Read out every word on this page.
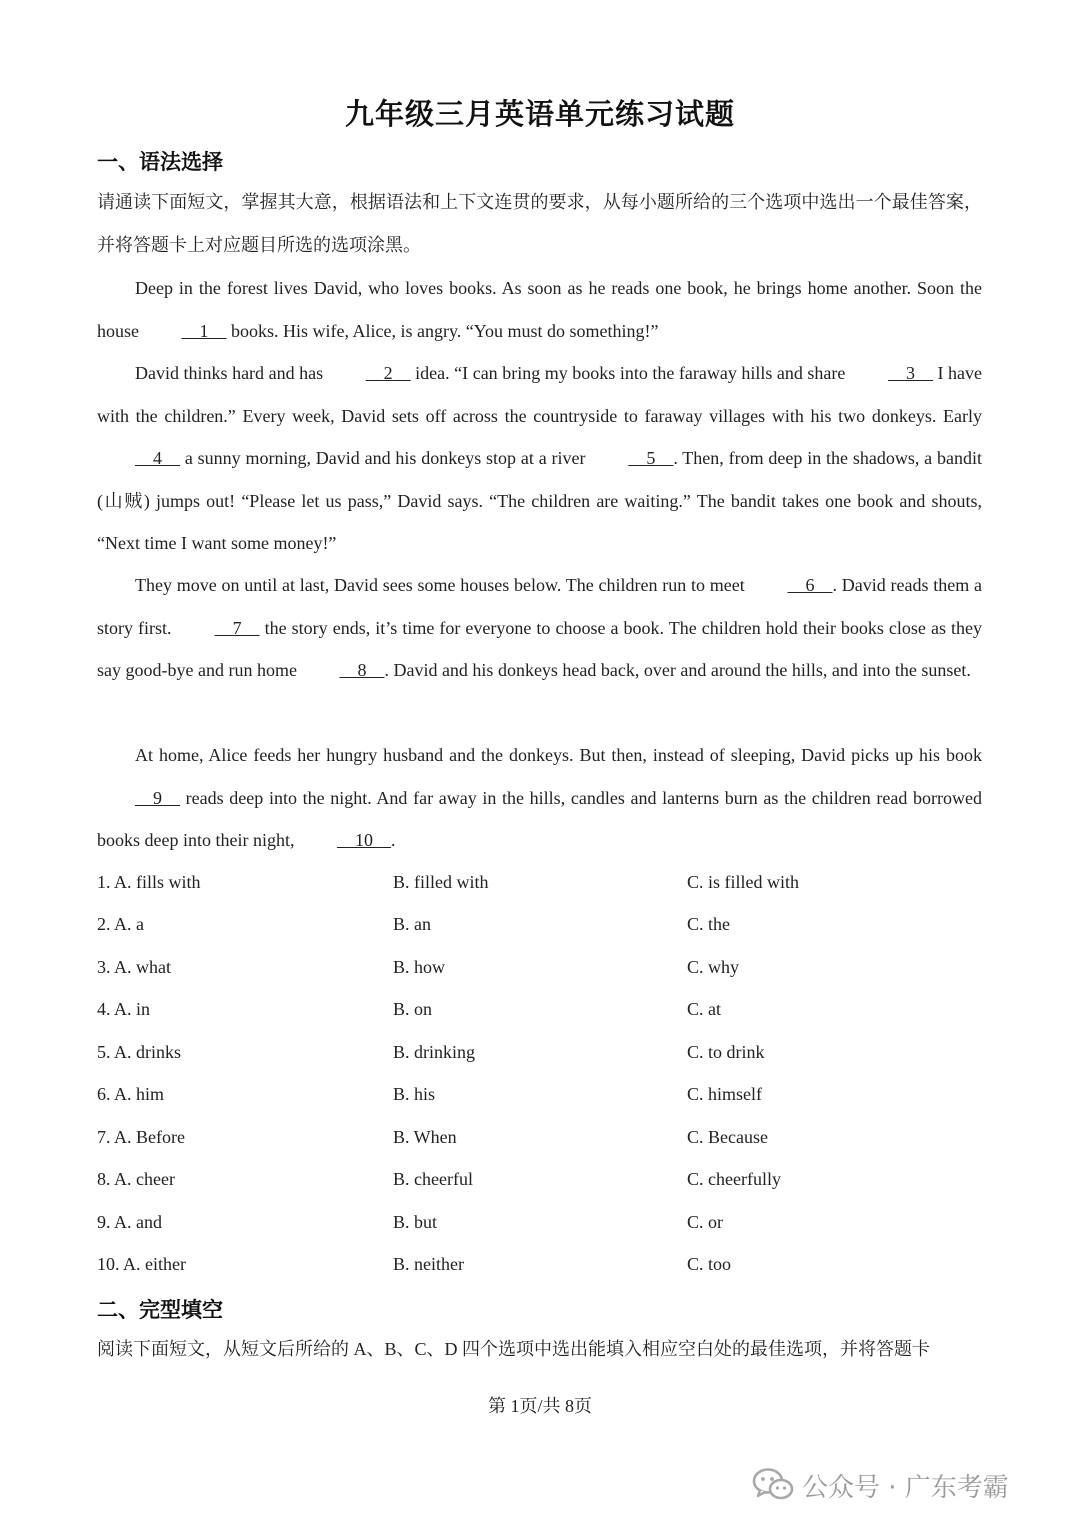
九年级三月英语单元练习试题
一、语法选择

请通读下面短文，掌握其大意，根据语法和上下文连贯的要求，从每小题所给的三个选项中选出一个最佳答案，并将答题卡上对应题目所选的选项涂黑。

Deep in the forest lives David, who loves books. As soon as he reads one book, he brings home another. Soon the house	1     books. His wife, Alice, is angry. “You must do something!”

David thinks hard and has	2     idea. “I can bring my books into the faraway hills and share	3     I have with the children.” Every week, David sets off across the countryside to faraway villages with his two donkeys. Early     4     a sunny morning, David and his donkeys stop at a river	5 . Then, from deep in the shadows, a bandit (山贼) jumps out! “Please let us pass,” David says. “The children are waiting.” The bandit takes one book and shouts, “Next time I want some money!”

They move on until at last, David sees some houses below. The children run to meet	6 . David reads them a story first.	7     the story ends, it’s time for everyone to choose a book. The children hold their books close as they say good-bye and run home	8 . David and his donkeys head back, over and around the hills, and into the sunset.

At home, Alice feeds her hungry husband and the donkeys. But then, instead of sleeping, David picks up his book     9     reads deep into the night. And far away in the hills, candles and lanterns burn as the children read borrowed books deep into their night,	10 .

1. A. fills with	B. filled with	C. is filled with
2. A. a	B. an	C. the
3. A. what	B. how	C. why
4. A. in	B. on	C. at
5. A. drinks	B. drinking	C. to drink
6. A. him	B. his	C. himself
7. A. Before	B. When	C. Because
8. A. cheer	B. cheerful	C. cheerfully
9. A. and	B. but	C. or
10. A. either	B. neither	C. too
二、完型填空

阅读下面短文，从短文后所给的 A、B、C、D 四个选项中选出能填入相应空白处的最佳选项，并将答题卡

第 1页/共 8页
公众号 · 广东考霸
